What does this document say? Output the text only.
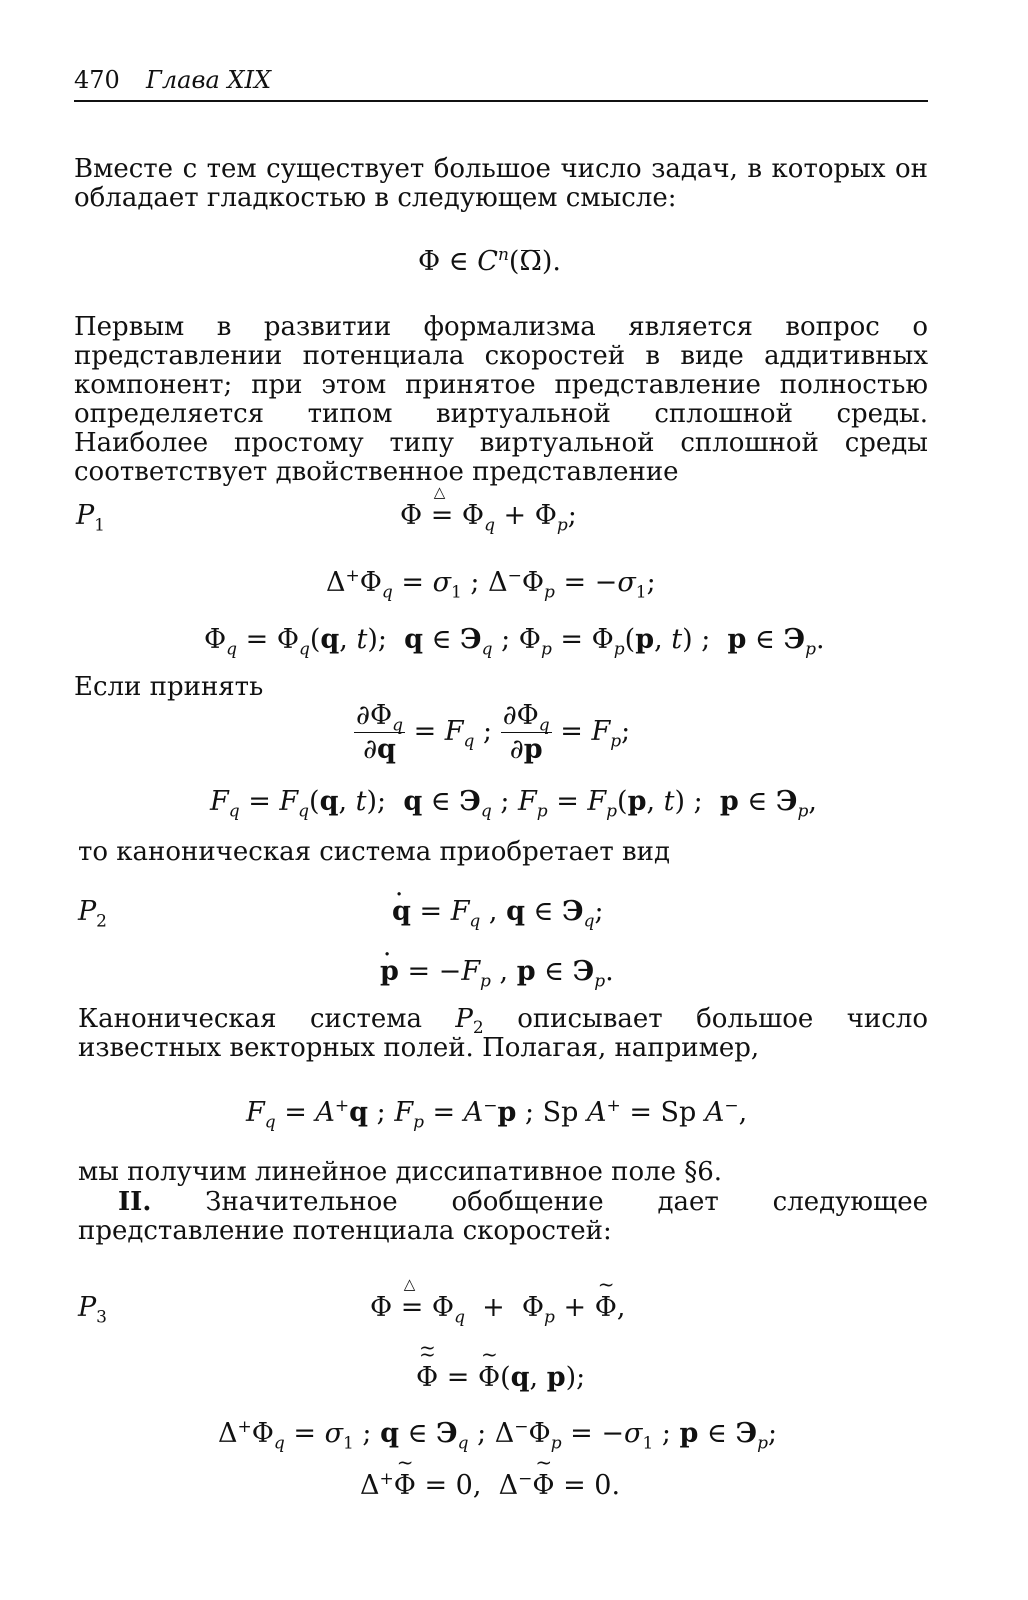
470 Глава XIX
Вместе с тем существует большое число задач, в которых он обладает гладкостью в следующем смысле:
Φ ∈ $C^n(\Omega)$.
Первым в развитии формализма является вопрос о представлении потенциала скоростей в виде аддитивных компонент; при этом принятое представление полностью определяется типом виртуальной сплошной среды. Наиболее простому типу виртуальной сплошной среды соответствует двойственное представление
$P_1$	Φ
△
= $\Phi_q + \Phi_p$;
$\Delta^+\Phi_q = \sigma_1$ ; $\Delta^-\Phi_p = -\sigma_1$;
$\Phi_q = \Phi_q(q$, t);  q ∈ $Э_q$ ; $\Phi_p = \Phi_p(p$, t) ;  p ∈ $Э_p$.
Если принять
$\frac{\partial\Phi_q}{\partial q} = F_q$ ; $\frac{\partial\Phi_q}{\partial p} = F_p$;
$F_q = F_q(q$, t);  q ∈ $Э_q$ ; $F_p = F_p(p$, t) ;  p ∈ $Э_p$,
то каноническая система приобретает вид
$P_2$
·	$q = F_q$ , q ∈ $Э_q$;
· $p = -F_p$ , p ∈ $Э_p$.
Каноническая система $P_2$ описывает большое число известных векторных полей. Полагая, например,
$F_q = A^+q$ ; $F_p = A^-p$ ; Sp A+ = Sp A−,
мы получим линейное диссипативное поле §6.
II. Значительное обобщение дает следующее представление потенциала скоростей:
$P_3$	Φ
△
= $\Phi_q + \Phi_p$ + ~ Φ,
~ Φ ~ = ~ Φ(q, p);
$\Delta^+\Phi_q = \sigma_1$ ; q ∈ $Э_q$ ; $\Delta^-\Phi_p = -\sigma_1$ ; p ∈ $Э_p$;
Δ+~ Φ = 0,  Δ−~ Φ = 0.
